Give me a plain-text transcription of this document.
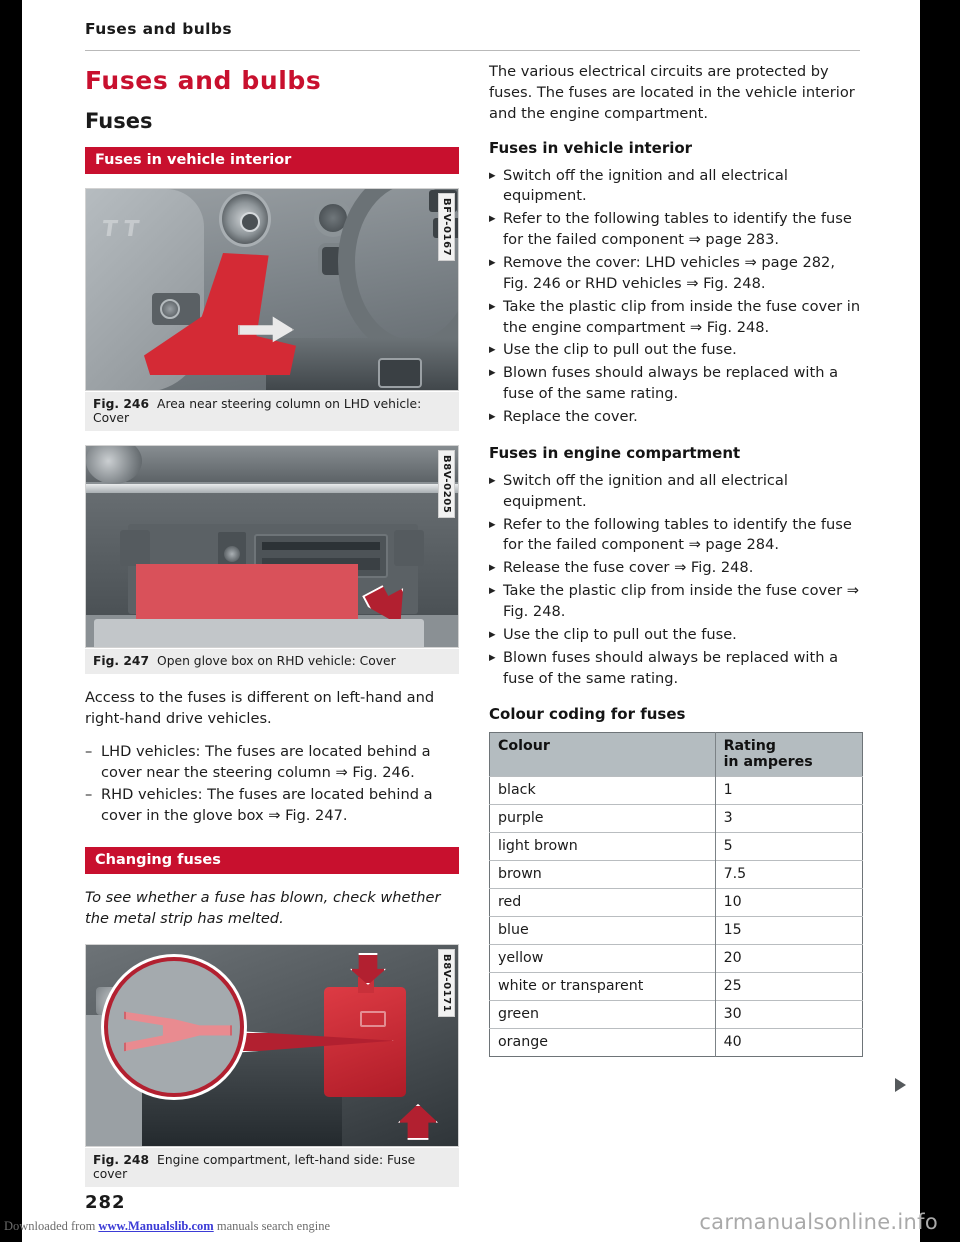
Fuses and bulbs
Fuses and bulbs
Fuses
Fuses in vehicle interior
TT	BFV-0167
Fig. 246 Area near steering column on LHD vehicle: Cover
B8V-0205
Fig. 247 Open glove box on RHD vehicle: Cover

Access to the fuses is different on left-hand and right-hand drive vehicles.

– LHD vehicles: The fuses are located behind a cover near the steering column ⇒ Fig. 246.
– RHD vehicles: The fuses are located behind a cover in the glove box ⇒ Fig. 247.
Changing fuses

To see whether a fuse has blown, check whether the metal strip has melted.

B8V-0171
Fig. 248 Engine compartment, left-hand side: Fuse cover

The various electrical circuits are protected by fuses. The fuses are located in the vehicle interior and the engine compartment.

Fuses in vehicle interior
▶ Switch off the ignition and all electrical equipment.
▶ Refer to the following tables to identify the fuse for the failed component ⇒ page 283.
▶ Remove the cover: LHD vehicles ⇒ page 282, Fig. 246 or RHD vehicles ⇒ Fig. 248.
▶ Take the plastic clip from inside the fuse cover in the engine compartment ⇒ Fig. 248.
▶ Use the clip to pull out the fuse.
▶ Blown fuses should always be replaced with a fuse of the same rating.
▶ Replace the cover.
Fuses in engine compartment
▶ Switch off the ignition and all electrical equipment.
▶ Refer to the following tables to identify the fuse for the failed component ⇒ page 284.
▶ Release the fuse cover ⇒ Fig. 248.
▶ Take the plastic clip from inside the fuse cover ⇒ Fig. 248.
▶ Use the clip to pull out the fuse.
▶ Blown fuses should always be replaced with a fuse of the same rating.
Colour coding for fuses
Colour	Rating
in amperes

black	1
purple	3
light brown	5
brown	7.5
red	10
blue	15
yellow	20
white or transparent	25
green	30
orange	40
282
Downloaded from www.Manualslib.com manuals search engine	carmanualsonline.info
